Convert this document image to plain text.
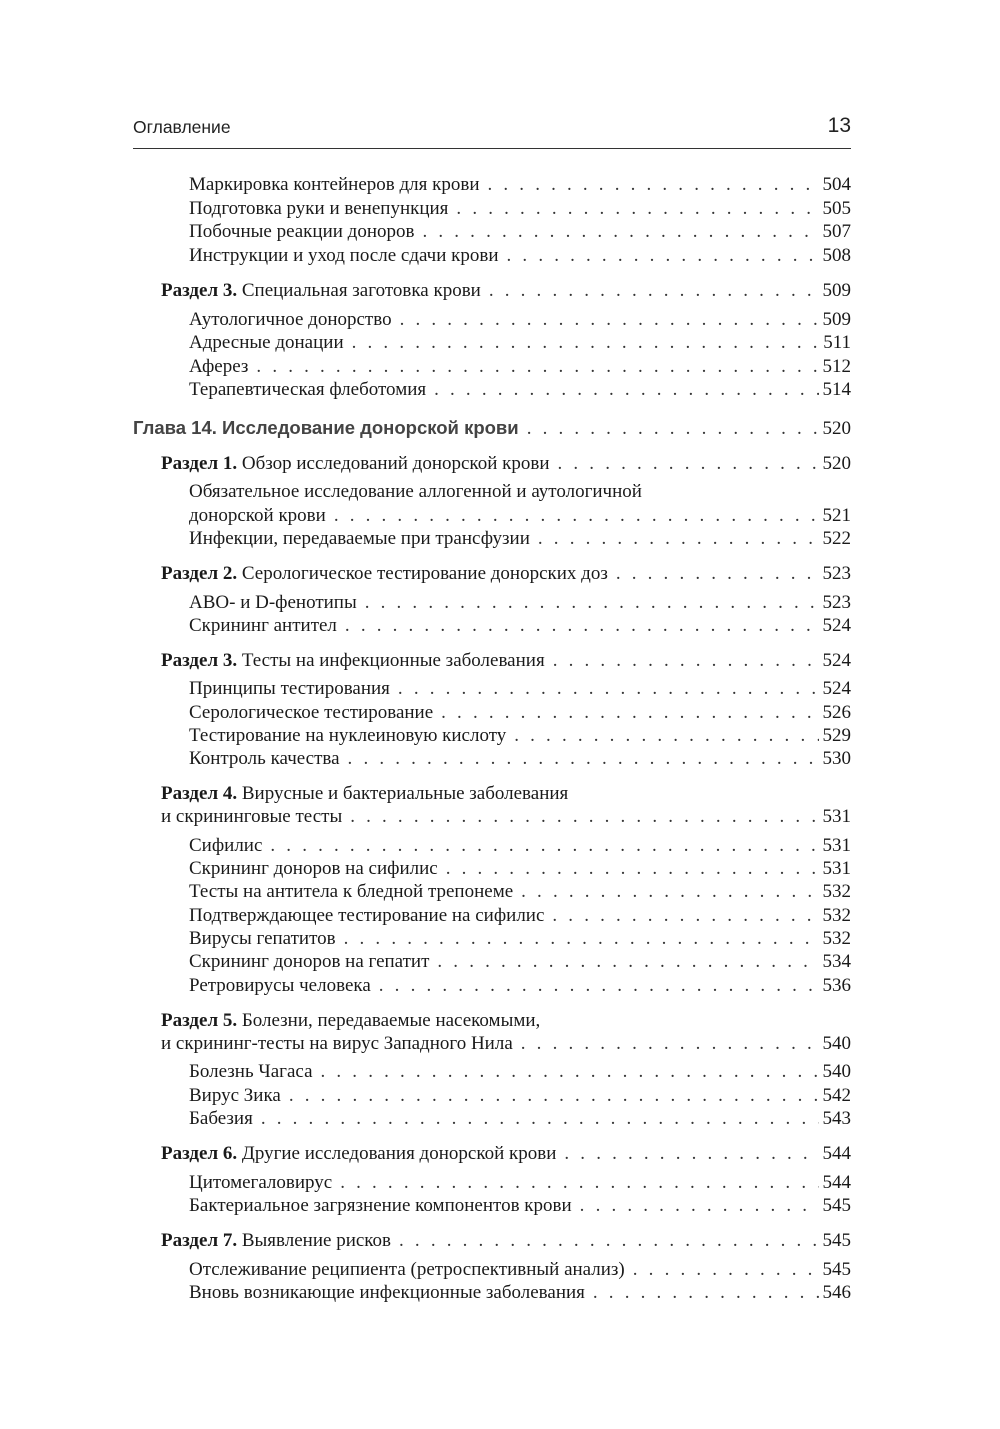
Оглавление	13
Маркировка контейнеров для крови . . .	504
Подготовка руки и венепункция . . .	505
Побочные реакции доноров . . .	507
Инструкции и уход после сдачи крови . . .	508
Раздел 3. Специальная заготовка крови . . .	509
Аутологичное донорство . . .	509
Адресные донации . . .	511
Аферез . . .	512
Терапевтическая флеботомия . . .	514
Глава 14. Исследование донорской крови . . .	520
Раздел 1. Обзор исследований донорской крови . . .	520
Обязательное исследование аллогенной и аутологичной
донорской крови . . .	521
Инфекции, передаваемые при трансфузии . . .	522
Раздел 2. Серологическое тестирование донорских доз . . .	523
ABO- и D-фенотипы . . .	523
Скрининг антител . . .	524
Раздел 3. Тесты на инфекционные заболевания . . .	524
Принципы тестирования . . .	524
Серологическое тестирование . . .	526
Тестирование на нуклеиновую кислоту . . .	529
Контроль качества . . .	530
Раздел 4. Вирусные и бактериальные заболевания
и скрининговые тесты . . .	531
Сифилис . . .	531
Скрининг доноров на сифилис . . .	531
Тесты на антитела к бледной трепонеме . . .	532
Подтверждающее тестирование на сифилис . . .	532
Вирусы гепатитов . . .	532
Скрининг доноров на гепатит . . .	534
Ретровирусы человека . . .	536
Раздел 5. Болезни, передаваемые насекомыми,
и скрининг-тесты на вирус Западного Нила . . .	540
Болезнь Чагаса . . .	540
Вирус Зика . . .	542
Бабезия . . .	543
Раздел 6. Другие исследования донорской крови . . .	544
Цитомегаловирус . . .	544
Бактериальное загрязнение компонентов крови . . .	545
Раздел 7. Выявление рисков . . .	545
Отслеживание реципиента (ретроспективный анализ) . . .	545
Вновь возникающие инфекционные заболевания . . .	546
